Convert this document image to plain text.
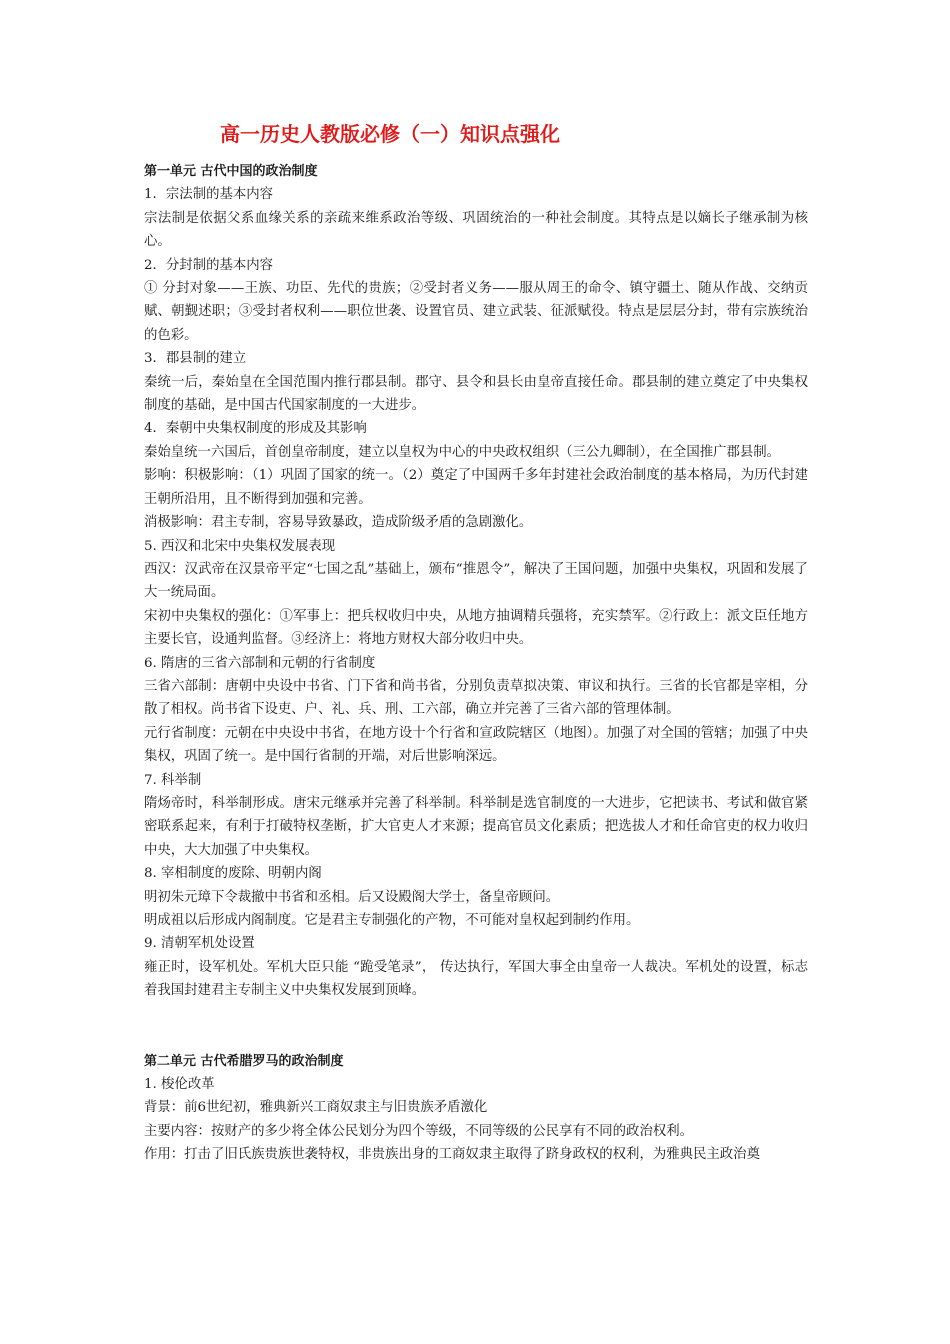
高一历史人教版必修（一）知识点强化

第一单元 古代中国的政治制度

1．宗法制的基本内容

宗法制是依据父系血缘关系的亲疏来维系政治等级、巩固统治的一种社会制度。其特点是以嫡长子继承制为核心。

2．分封制的基本内容

① 分封对象——王族、功臣、先代的贵族；②受封者义务——服从周王的命令、镇守疆土、随从作战、交纳贡赋、朝觐述职；③受封者权利——职位世袭、设置官员、建立武装、征派赋役。特点是层层分封，带有宗族统治的色彩。

3．郡县制的建立

秦统一后，秦始皇在全国范围内推行郡县制。郡守、县令和县长由皇帝直接任命。郡县制的建立奠定了中央集权制度的基础，是中国古代国家制度的一大进步。

4．秦朝中央集权制度的形成及其影响

秦始皇统一六国后，首创皇帝制度，建立以皇权为中心的中央政权组织（三公九卿制），在全国推广郡县制。

影响：积极影响：（1）巩固了国家的统一。（2）奠定了中国两千多年封建社会政治制度的基本格局，为历代封建王朝所沿用，且不断得到加强和完善。

消极影响：君主专制，容易导致暴政，造成阶级矛盾的急剧激化。

5. 西汉和北宋中央集权发展表现

西汉：汉武帝在汉景帝平定“七国之乱”基础上，颁布“推恩令”，解决了王国问题，加强中央集权，巩固和发展了大一统局面。

宋初中央集权的强化：①军事上：把兵权收归中央，从地方抽调精兵强将，充实禁军。②行政上：派文臣任地方主要长官，设通判监督。③经济上：将地方财权大部分收归中央。

6. 隋唐的三省六部制和元朝的行省制度

三省六部制：唐朝中央设中书省、门下省和尚书省，分别负责草拟决策、审议和执行。三省的长官都是宰相，分散了相权。尚书省下设吏、户、礼、兵、刑、工六部，确立并完善了三省六部的管理体制。

元行省制度：元朝在中央设中书省，在地方设十个行省和宣政院辖区（地图）。加强了对全国的管辖；加强了中央集权，巩固了统一。是中国行省制的开端，对后世影响深远。

7. 科举制

隋炀帝时，科举制形成。唐宋元继承并完善了科举制。科举制是选官制度的一大进步，它把读书、考试和做官紧密联系起来，有利于打破特权垄断，扩大官吏人才来源；提高官员文化素质；把选拔人才和任命官吏的权力收归中央，大大加强了中央集权。

8. 宰相制度的废除、明朝内阁

明初朱元璋下令裁撤中书省和丞相。后又设殿阁大学士，备皇帝顾问。

明成祖以后形成内阁制度。它是君主专制强化的产物，不可能对皇权起到制约作用。

9. 清朝军机处设置

雍正时，设军机处。军机大臣只能 “跪受笔录”， 传达执行，军国大事全由皇帝一人裁决。军机处的设置，标志着我国封建君主专制主义中央集权发展到顶峰。

第二单元 古代希腊罗马的政治制度

1. 梭伦改革

背景：前6世纪初，雅典新兴工商奴隶主与旧贵族矛盾激化

主要内容：按财产的多少将全体公民划分为四个等级，不同等级的公民享有不同的政治权利。

作用：打击了旧氏族贵族世袭特权，非贵族出身的工商奴隶主取得了跻身政权的权利，为雅典民主政治奠
